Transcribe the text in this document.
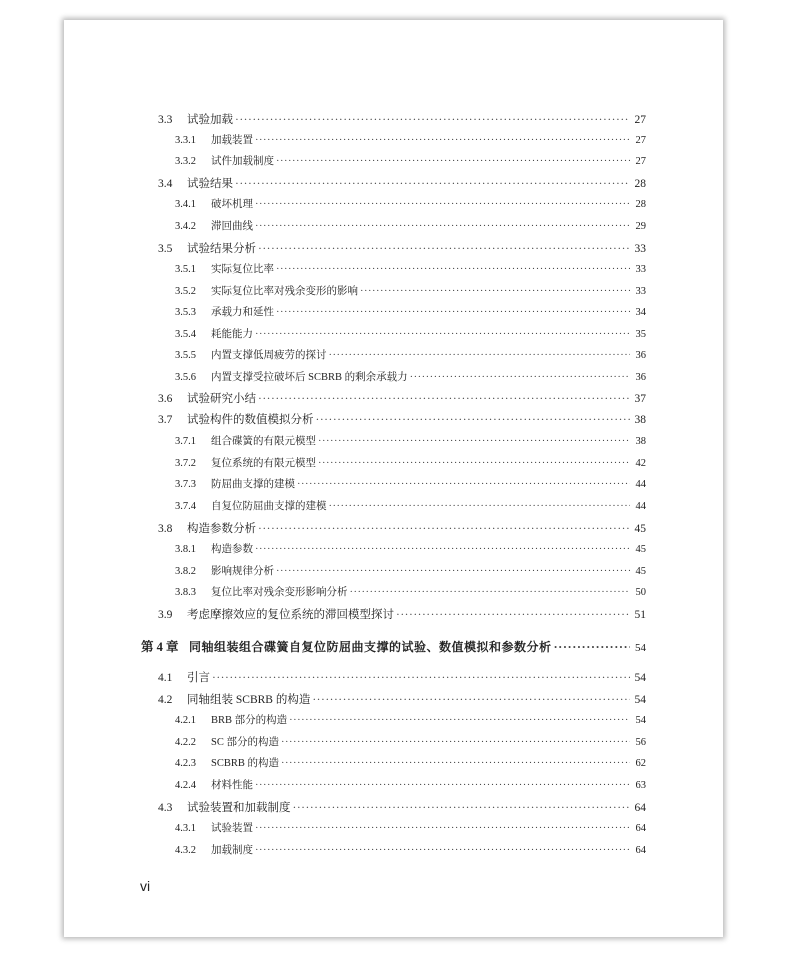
3.3	试验加载 ·····	27
3.3.1	加载装置 ·····	27
3.3.2	试件加载制度 ·····	27
3.4	试验结果 ·····	28
3.4.1	破坏机理 ·····	28
3.4.2	滞回曲线 ·····	29
3.5	试验结果分析 ·····	33
3.5.1	实际复位比率 ·····	33
3.5.2	实际复位比率对残余变形的影响 ·····	33
3.5.3	承载力和延性 ·····	34
3.5.4	耗能能力 ·····	35
3.5.5	内置支撑低周疲劳的探讨 ·····	36
3.5.6	内置支撑受拉破坏后 SCBRB 的剩余承载力 ·····	36
3.6	试验研究小结 ·····	37
3.7	试验构件的数值模拟分析 ·····	38
3.7.1	组合碟簧的有限元模型 ·····	38
3.7.2	复位系统的有限元模型 ·····	42
3.7.3	防屈曲支撑的建模 ·····	44
3.7.4	自复位防屈曲支撑的建模 ·····	44
3.8	构造参数分析 ·····	45
3.8.1	构造参数 ·····	45
3.8.2	影响规律分析 ·····	45
3.8.3	复位比率对残余变形影响分析 ·····	50
3.9	考虑摩擦效应的复位系统的滞回模型探讨 ·····	51
第 4 章 同轴组装组合碟簧自复位防屈曲支撑的试验、数值模拟和参数分析 ·····	54
4.1	引言 ·····	54
4.2	同轴组装 SCBRB 的构造 ·····	54
4.2.1	BRB 部分的构造 ·····	54
4.2.2	SC 部分的构造 ·····	56
4.2.3	SCBRB 的构造 ·····	62
4.2.4	材料性能 ·····	63
4.3	试验装置和加载制度 ·····	64
4.3.1	试验装置 ·····	64
4.3.2	加载制度 ·····	64
vi
